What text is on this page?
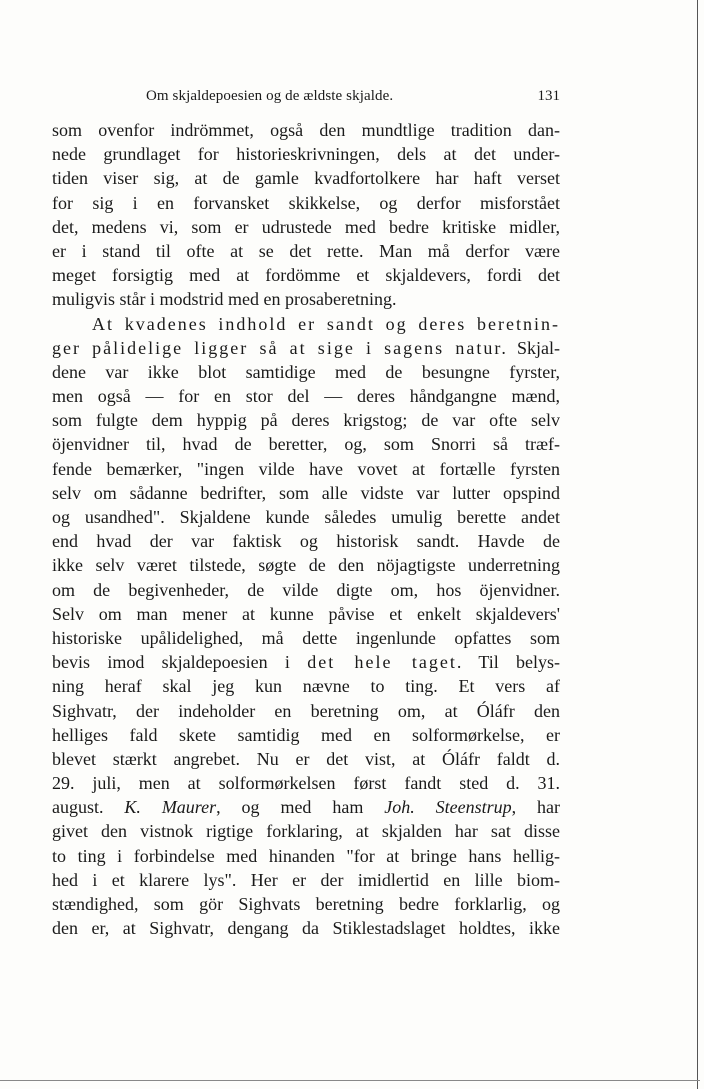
Om skjaldepoesien og de ældste skjalde.	131
som ovenfor indrömmet, også den mundtlige tradition dan-
nede grundlaget for historieskrivningen, dels at det under-
tiden viser sig, at de gamle kvadfortolkere har haft verset
for sig i en forvansket skikkelse, og derfor misforstået
det, medens vi, som er udrustede med bedre kritiske midler,
er i stand til ofte at se det rette. Man må derfor være
meget forsigtig med at fordömme et skjaldevers, fordi det
muligvis står i modstrid med en prosaberetning.
At kvadenes indhold er sandt og deres beretnin-
ger pålidelige ligger så at sige i sagens natur. Skjal-
dene var ikke blot samtidige med de besungne fyrster,
men også — for en stor del — deres håndgangne mænd,
som fulgte dem hyppig på deres krigstog; de var ofte selv
öjenvidner til, hvad de beretter, og, som Snorri så træf-
fende bemærker, "ingen vilde have vovet at fortælle fyrsten
selv om sådanne bedrifter, som alle vidste var lutter opspind
og usandhed". Skjaldene kunde således umulig berette andet
end hvad der var faktisk og historisk sandt. Havde de
ikke selv været tilstede, søgte de den nöjagtigste underretning
om de begivenheder, de vilde digte om, hos öjenvidner.
Selv om man mener at kunne påvise et enkelt skjaldevers'
historiske upålidelighed, må dette ingenlunde opfattes som
bevis imod skjaldepoesien i det hele taget. Til belys-
ning heraf skal jeg kun nævne to ting. Et vers af
Sighvatr, der indeholder en beretning om, at Óláfr den
helliges fald skete samtidig med en solformørkelse, er
blevet stærkt angrebet. Nu er det vist, at Óláfr faldt d.
29. juli, men at solformørkelsen først fandt sted d. 31.
august. K. Maurer, og med ham Joh. Steenstrup, har
givet den vistnok rigtige forklaring, at skjalden har sat disse
to ting i forbindelse med hinanden "for at bringe hans hellig-
hed i et klarere lys". Her er der imidlertid en lille biom-
stændighed, som gör Sighvats beretning bedre forklarlig, og
den er, at Sighvatr, dengang da Stiklestadslaget holdtes, ikke
